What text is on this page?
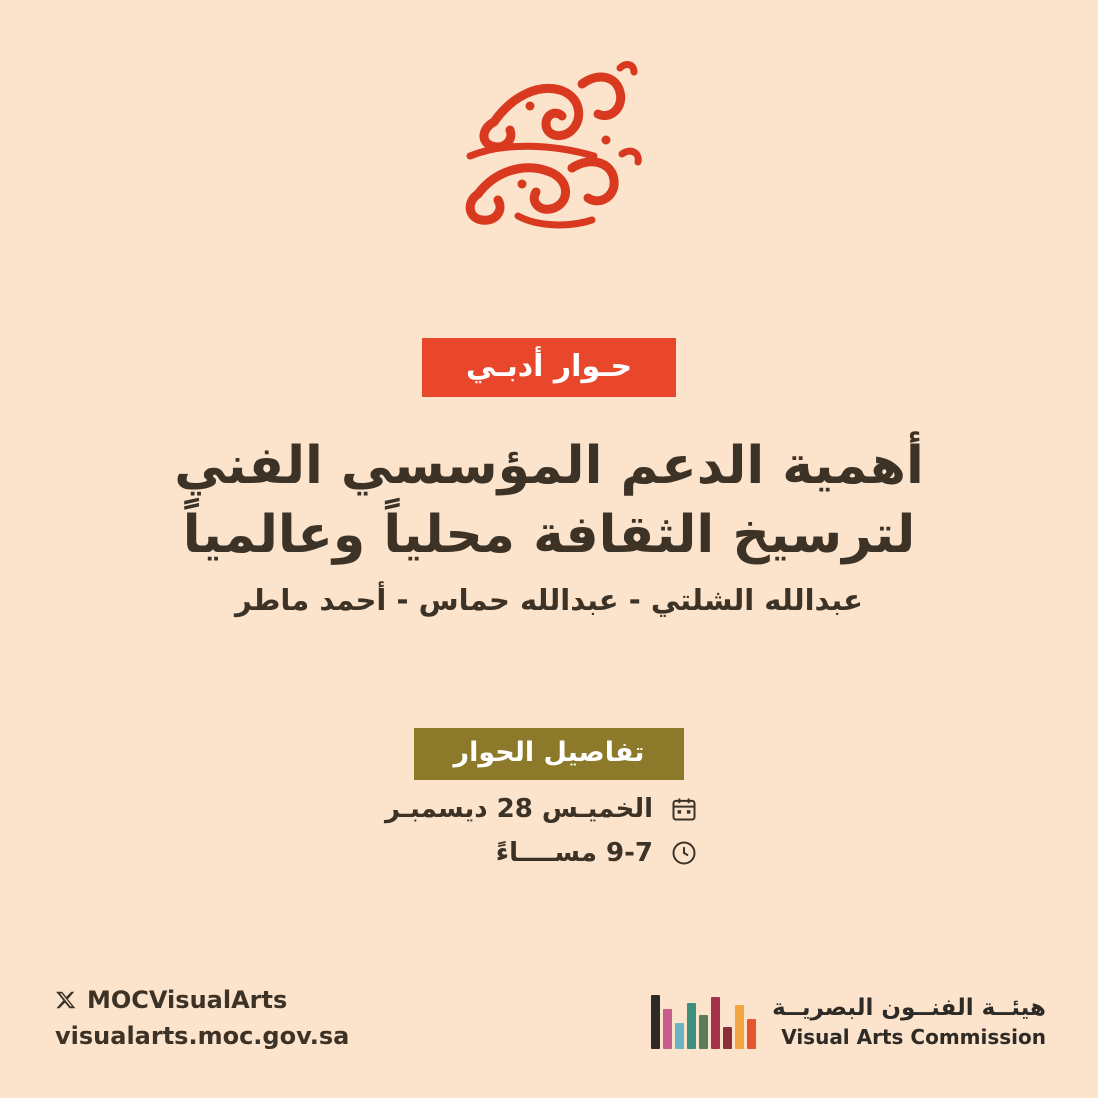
حـوار أدبـي
أهمية الدعم المؤسسي الفني
لترسيخ الثقافة محلياً وعالمياً
عبدالله الشلتي - عبدالله حماس - أحمد ماطر
تفاصيل الحوار
الخميـس 28 ديسمبـر
9-7 مســــاءً
MOCVisualArts
visualarts.moc.gov.sa
هيئــة الفنــون البصريــة
Visual Arts Commission
